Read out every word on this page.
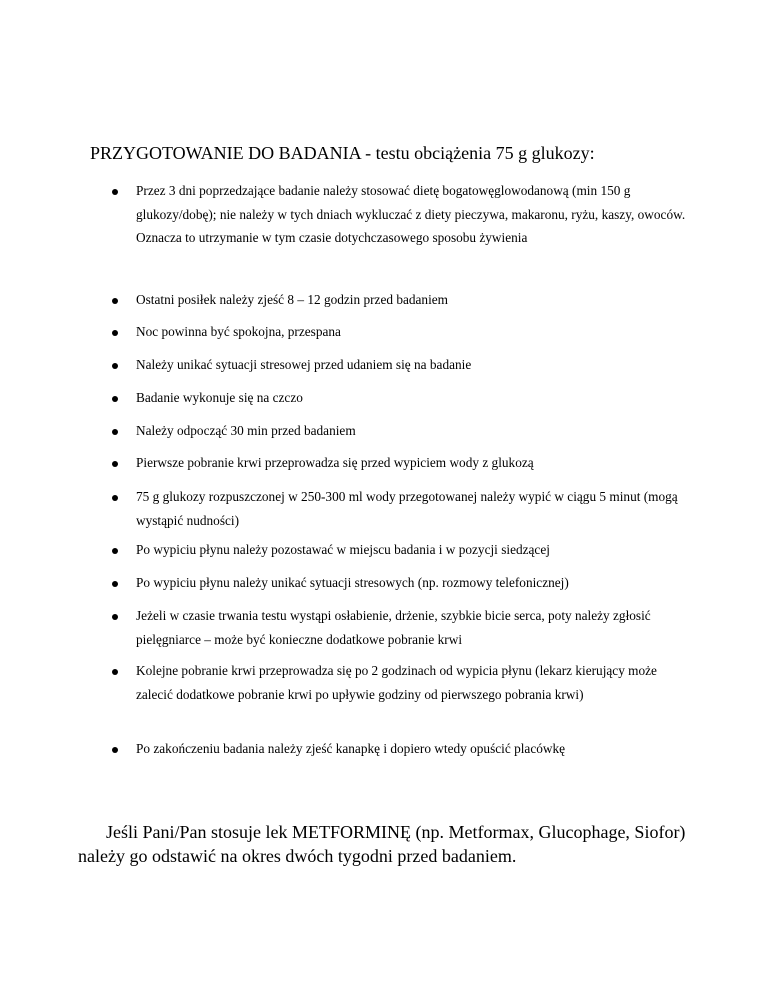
PRZYGOTOWANIE DO BADANIA - testu obciążenia 75 g glukozy:
Przez 3 dni poprzedzające badanie należy stosować dietę bogatowęglowodanową (min 150 g glukozy/dobę); nie należy w tych dniach wykluczać z diety pieczywa, makaronu, ryżu, kaszy, owoców. Oznacza to utrzymanie w tym czasie dotychczasowego sposobu żywienia
Ostatni posiłek należy zjeść 8 – 12 godzin przed badaniem
Noc powinna być spokojna, przespana
Należy unikać sytuacji stresowej przed udaniem się na badanie
Badanie wykonuje się na czczo
Należy odpocząć 30 min przed badaniem
Pierwsze pobranie krwi przeprowadza się przed wypiciem wody z glukozą
75 g glukozy rozpuszczonej w 250-300 ml wody przegotowanej należy wypić w ciągu 5 minut (mogą wystąpić nudności)
Po wypiciu płynu należy pozostawać w miejscu badania i w pozycji siedzącej
Po wypiciu płynu należy unikać sytuacji stresowych (np. rozmowy telefonicznej)
Jeżeli w czasie trwania testu wystąpi osłabienie, drżenie, szybkie bicie serca, poty należy zgłosić pielęgniarce – może być konieczne dodatkowe pobranie krwi
Kolejne pobranie krwi przeprowadza się po 2 godzinach od wypicia płynu (lekarz kierujący może zalecić dodatkowe pobranie krwi po upływie godziny od pierwszego pobrania krwi)
Po zakończeniu badania należy zjeść kanapkę i dopiero wtedy opuścić placówkę
Jeśli Pani/Pan stosuje lek METFORMINĘ (np. Metformax, Glucophage, Siofor) należy go odstawić na okres dwóch tygodni przed badaniem.
